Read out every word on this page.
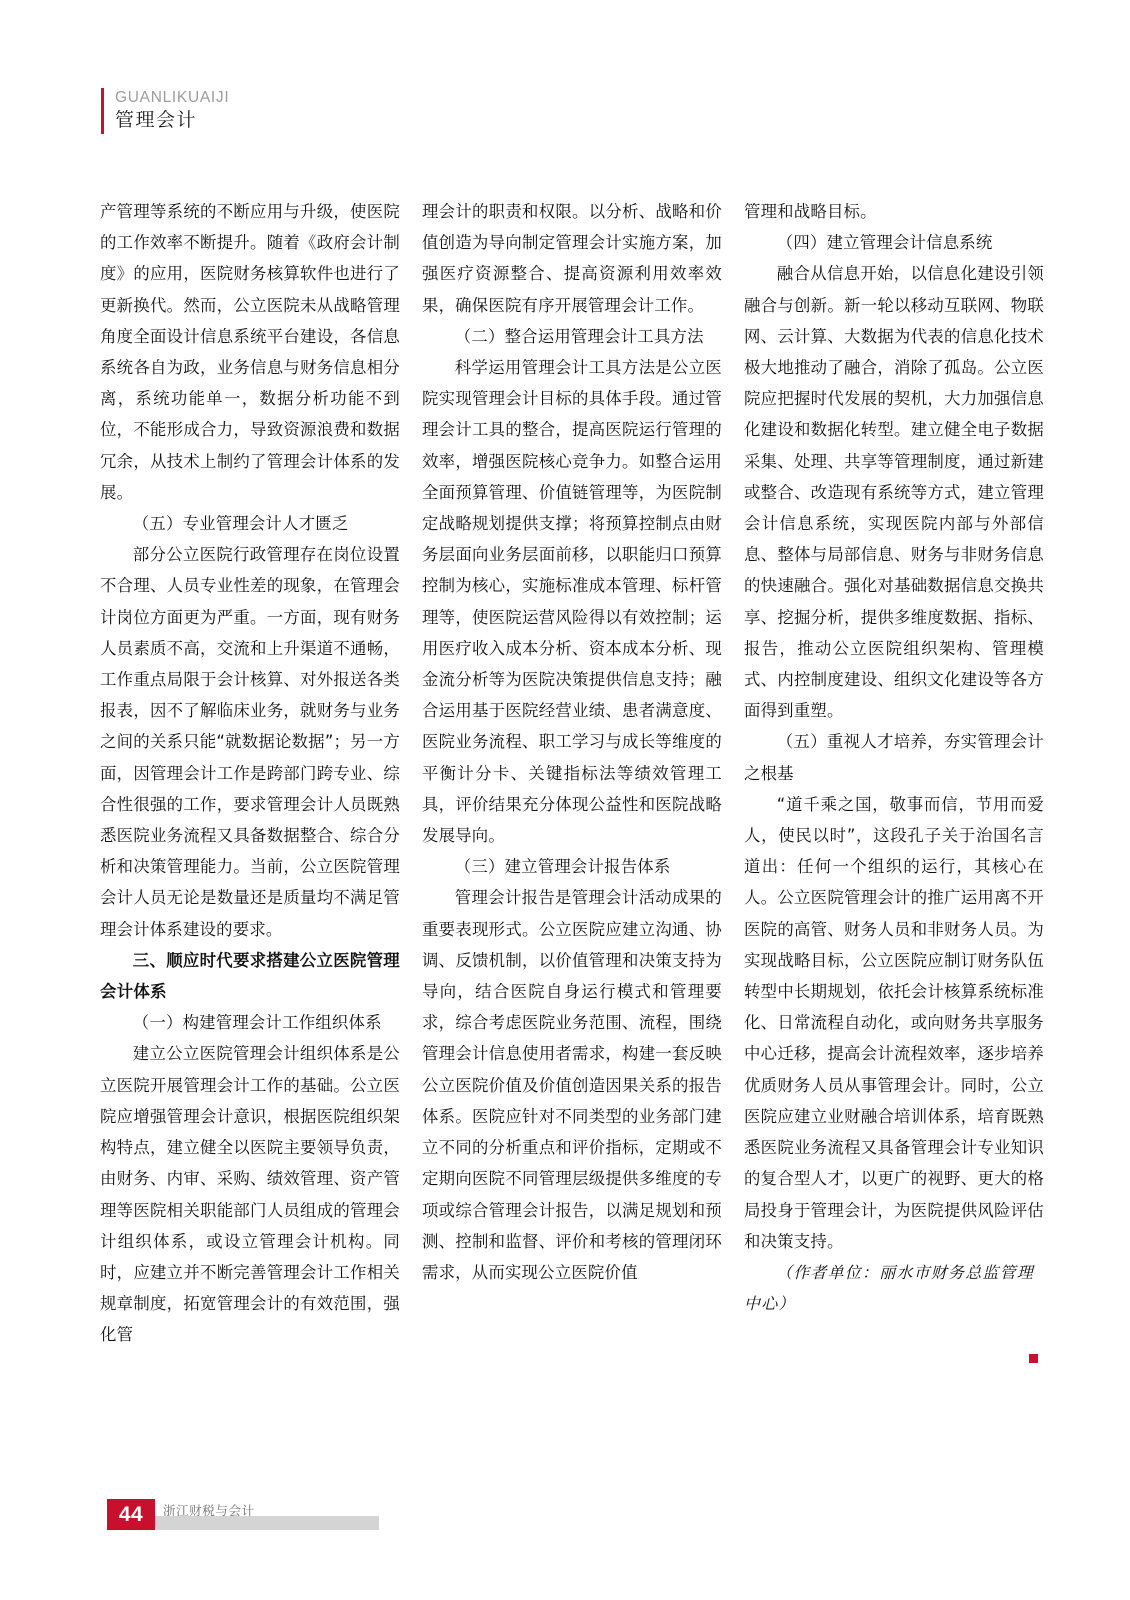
GUANLIKUAIJI
管理会计

产管理等系统的不断应用与升级，使医院的工作效率不断提升。随着《政府会计制度》的应用，医院财务核算软件也进行了更新换代。然而，公立医院未从战略管理角度全面设计信息系统平台建设，各信息系统各自为政，业务信息与财务信息相分离，系统功能单一，数据分析功能不到位，不能形成合力，导致资源浪费和数据冗余，从技术上制约了管理会计体系的发展。

（五）专业管理会计人才匮乏

部分公立医院行政管理存在岗位设置不合理、人员专业性差的现象，在管理会计岗位方面更为严重。一方面，现有财务人员素质不高，交流和上升渠道不通畅，工作重点局限于会计核算、对外报送各类报表，因不了解临床业务，就财务与业务之间的关系只能“就数据论数据”；另一方面，因管理会计工作是跨部门跨专业、综合性很强的工作，要求管理会计人员既熟悉医院业务流程又具备数据整合、综合分析和决策管理能力。当前，公立医院管理会计人员无论是数量还是质量均不满足管理会计体系建设的要求。

三、顺应时代要求搭建公立医院管理会计体系

（一）构建管理会计工作组织体系

建立公立医院管理会计组织体系是公立医院开展管理会计工作的基础。公立医院应增强管理会计意识，根据医院组织架构特点，建立健全以医院主要领导负责，由财务、内审、采购、绩效管理、资产管理等医院相关职能部门人员组成的管理会计组织体系，或设立管理会计机构。同时，应建立并不断完善管理会计工作相关规章制度，拓宽管理会计的有效范围，强化管

理会计的职责和权限。以分析、战略和价值创造为导向制定管理会计实施方案，加强医疗资源整合、提高资源利用效率效果，确保医院有序开展管理会计工作。

（二）整合运用管理会计工具方法

科学运用管理会计工具方法是公立医院实现管理会计目标的具体手段。通过管理会计工具的整合，提高医院运行管理的效率，增强医院核心竞争力。如整合运用全面预算管理、价值链管理等，为医院制定战略规划提供支撑；将预算控制点由财务层面向业务层面前移，以职能归口预算控制为核心，实施标准成本管理、标杆管理等，使医院运营风险得以有效控制；运用医疗收入成本分析、资本成本分析、现金流分析等为医院决策提供信息支持；融合运用基于医院经营业绩、患者满意度、医院业务流程、职工学习与成长等维度的平衡计分卡、关键指标法等绩效管理工具，评价结果充分体现公益性和医院战略发展导向。

（三）建立管理会计报告体系

管理会计报告是管理会计活动成果的重要表现形式。公立医院应建立沟通、协调、反馈机制，以价值管理和决策支持为导向，结合医院自身运行模式和管理要求，综合考虑医院业务范围、流程，围绕管理会计信息使用者需求，构建一套反映公立医院价值及价值创造因果关系的报告体系。医院应针对不同类型的业务部门建立不同的分析重点和评价指标，定期或不定期向医院不同管理层级提供多维度的专项或综合管理会计报告，以满足规划和预测、控制和监督、评价和考核的管理闭环需求，从而实现公立医院价值

管理和战略目标。

（四）建立管理会计信息系统

融合从信息开始，以信息化建设引领融合与创新。新一轮以移动互联网、物联网、云计算、大数据为代表的信息化技术极大地推动了融合，消除了孤岛。公立医院应把握时代发展的契机，大力加强信息化建设和数据化转型。建立健全电子数据采集、处理、共享等管理制度，通过新建或整合、改造现有系统等方式，建立管理会计信息系统，实现医院内部与外部信息、整体与局部信息、财务与非财务信息的快速融合。强化对基础数据信息交换共享、挖掘分析，提供多维度数据、指标、报告，推动公立医院组织架构、管理模式、内控制度建设、组织文化建设等各方面得到重塑。

（五）重视人才培养，夯实管理会计之根基

“道千乘之国，敬事而信，节用而爱人，使民以时”，这段孔子关于治国名言道出：任何一个组织的运行，其核心在人。公立医院管理会计的推广运用离不开医院的高管、财务人员和非财务人员。为实现战略目标，公立医院应制订财务队伍转型中长期规划，依托会计核算系统标准化、日常流程自动化，或向财务共享服务中心迁移，提高会计流程效率，逐步培养优质财务人员从事管理会计。同时，公立医院应建立业财融合培训体系，培育既熟悉医院业务流程又具备管理会计专业知识的复合型人才，以更广的视野、更大的格局投身于管理会计，为医院提供风险评估和决策支持。

（作者单位：丽水市财务总监管理中心）

44 浙江财税与会计
